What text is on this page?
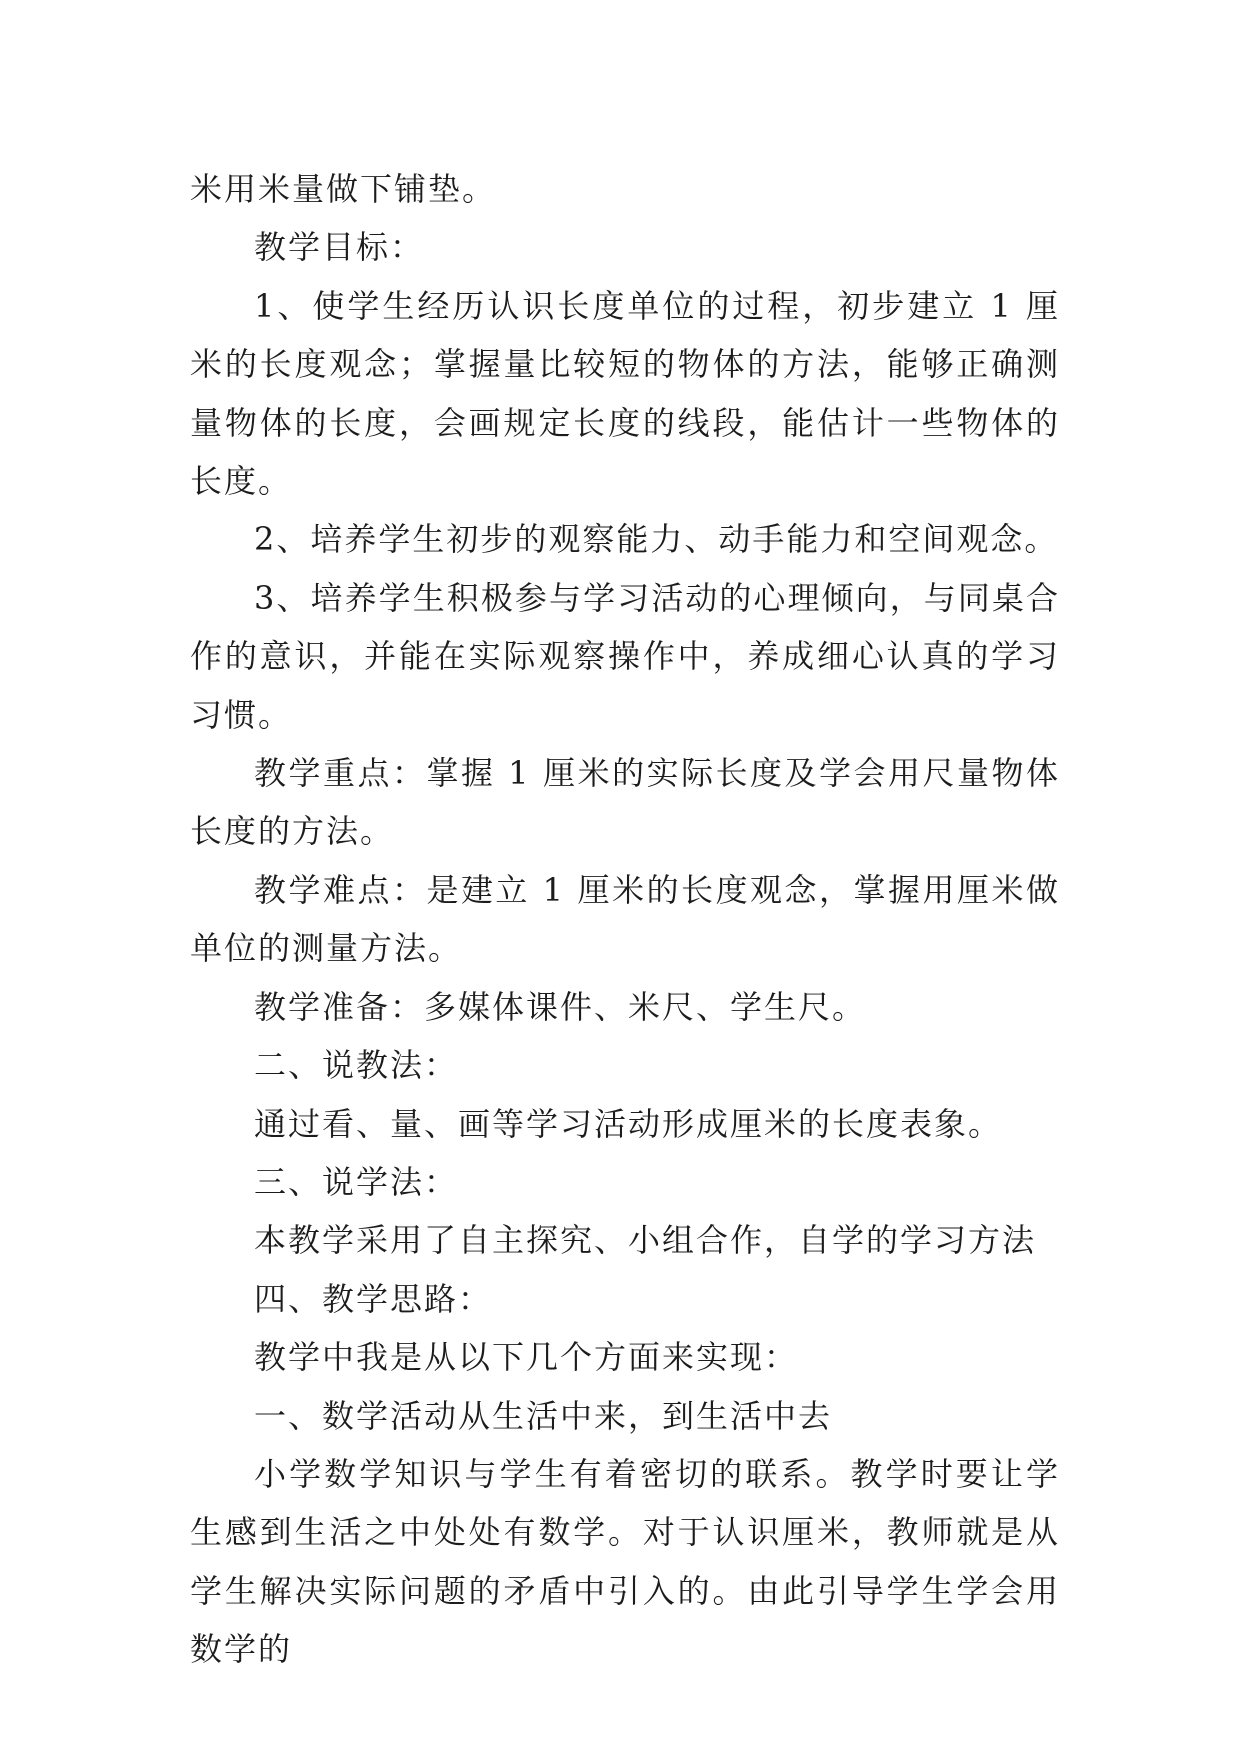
米用米量做下铺垫。

教学目标：

1、使学生经历认识长度单位的过程，初步建立 1 厘米的长度观念；掌握量比较短的物体的方法，能够正确测量物体的长度，会画规定长度的线段，能估计一些物体的长度。

2、培养学生初步的观察能力、动手能力和空间观念。

3、培养学生积极参与学习活动的心理倾向，与同桌合作的意识，并能在实际观察操作中，养成细心认真的学习习惯。

教学重点：掌握 1 厘米的实际长度及学会用尺量物体长度的方法。

教学难点：是建立 1 厘米的长度观念，掌握用厘米做单位的测量方法。

教学准备：多媒体课件、米尺、学生尺。

二、说教法：

通过看、量、画等学习活动形成厘米的长度表象。

三、说学法：

本教学采用了自主探究、小组合作，自学的学习方法

四、教学思路：

教学中我是从以下几个方面来实现：

一、数学活动从生活中来，到生活中去

小学数学知识与学生有着密切的联系。教学时要让学生感到生活之中处处有数学。对于认识厘米，教师就是从学生解决实际问题的矛盾中引入的。由此引导学生学会用数学的
